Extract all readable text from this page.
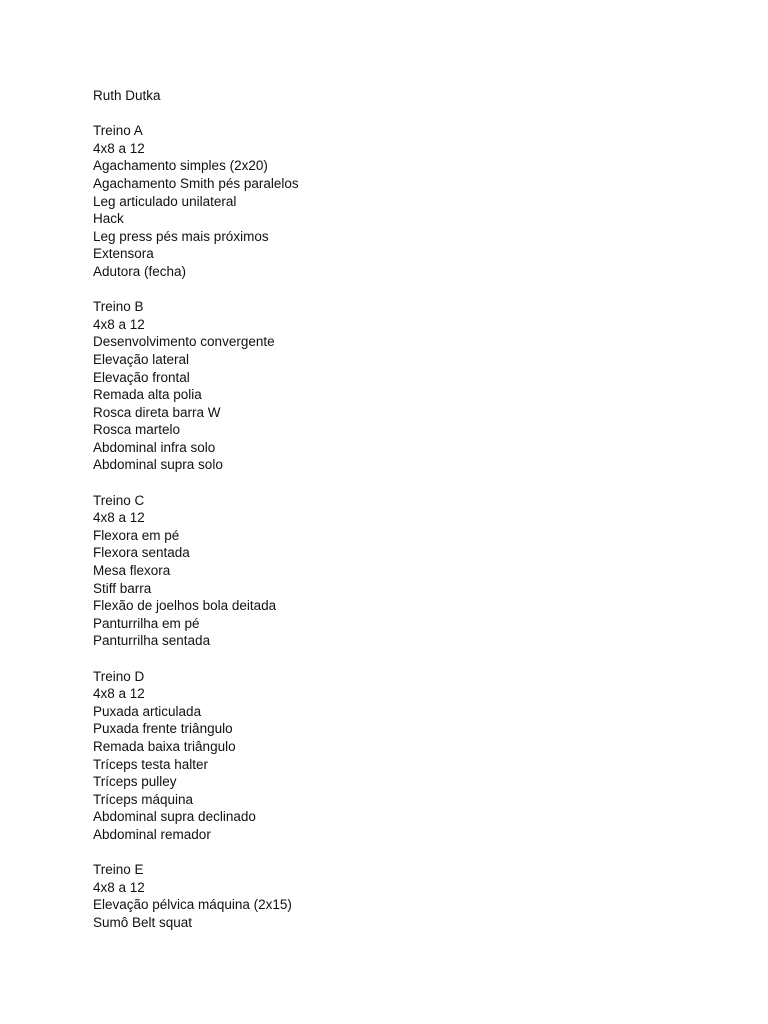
Ruth Dutka
Treino A
4x8 a 12
Agachamento simples (2x20)
Agachamento Smith pés paralelos
Leg articulado unilateral
Hack
Leg press pés mais próximos
Extensora
Adutora (fecha)
Treino B
4x8 a 12
Desenvolvimento convergente
Elevação lateral
Elevação frontal
Remada alta polia
Rosca direta barra W
Rosca martelo
Abdominal infra solo
Abdominal supra solo
Treino C
4x8 a 12
Flexora em pé
Flexora sentada
Mesa flexora
Stiff barra
Flexão de joelhos bola deitada
Panturrilha em pé
Panturrilha sentada
Treino D
4x8 a 12
Puxada articulada
Puxada frente triângulo
Remada baixa triângulo
Tríceps testa halter
Tríceps pulley
Tríceps máquina
Abdominal supra declinado
Abdominal remador
Treino E
4x8 a 12
Elevação pélvica máquina (2x15)
Sumô Belt squat
